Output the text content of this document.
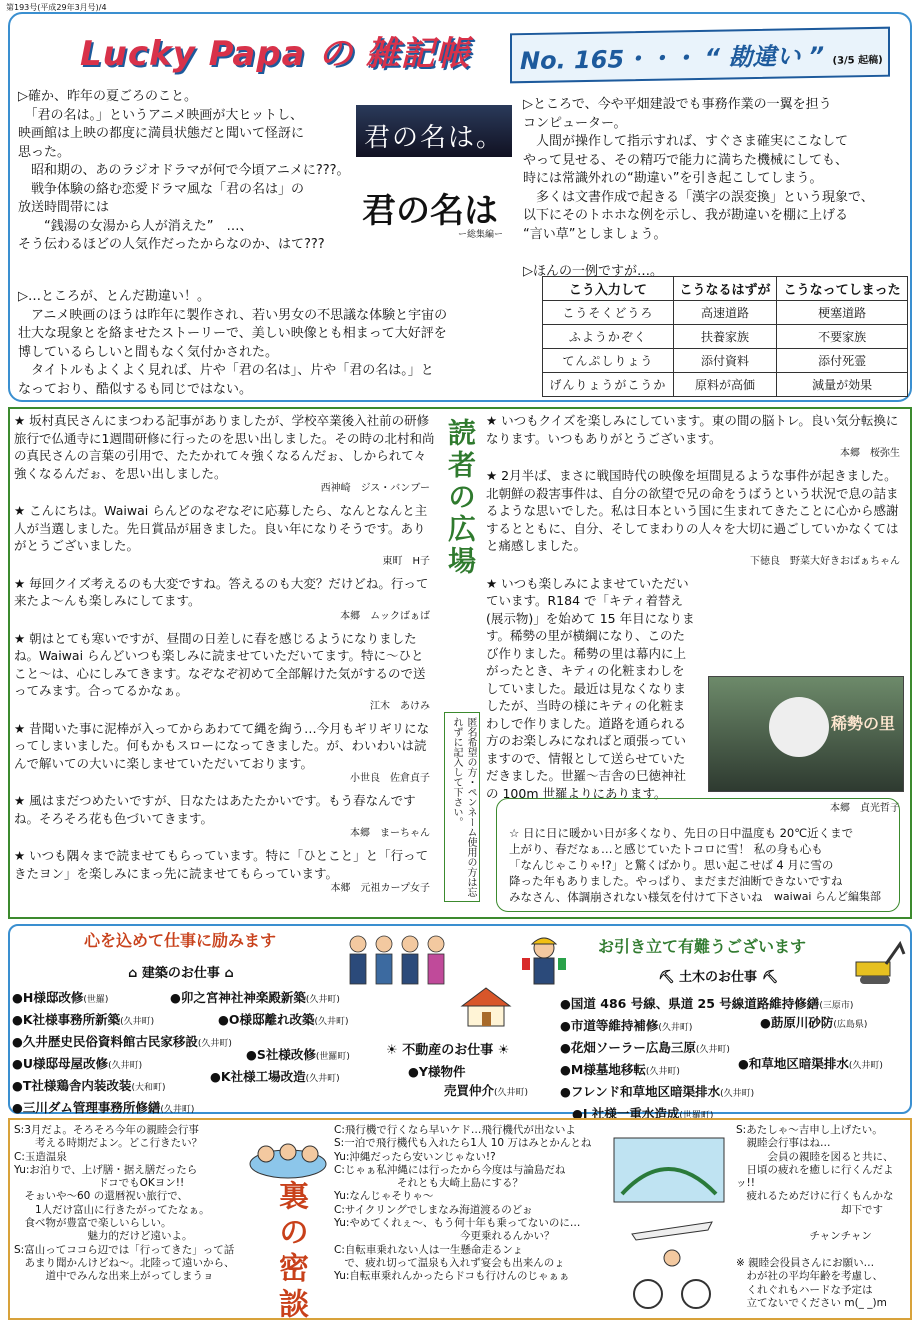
第193号(平成29年3月号)/4
Lucky Papa の 雑記帳 No. 165・・・ “ 勘違い ” (3/5 起稿)
▷確か、昨年の夏ごろのこと。
　「君の名は。」というアニメ映画が大ヒットし、
映画館は上映の都度に満員状態だと聞いて怪訝に
思った。
　昭和期の、あのラジオドラマが何で今頃アニメに???。
　戦争体験の絡む恋愛ドラマ風な「君の名は」の
放送時間帯には
　　“銭湯の女湯から人が消えた”　…、
そう伝わるほどの人気作だったからなのか、はて???
君の名は。
君の名は
ー総集編ー
▷…ところが、とんだ勘違い！。
　アニメ映画のほうは昨年に製作され、若い男女の不思議な体験と宇宙の
壮大な現象とを絡ませたストーリーで、美しい映像とも相まって大好評を
博しているらしいと間もなく気付かされた。
　タイトルもよくよく見れば、片や「君の名は」、片や「君の名は。」と
なっており、酷似するも同じではない。
▷ところで、今や平畑建設でも事務作業の一翼を担う
コンピューター。
　人間が操作して指示すれば、すぐさま確実にこなして
やって見せる、その精巧で能力に満ちた機械にしても、
時には常識外れの“勘違い”を引き起こしてしまう。
　多くは文書作成で起きる「漢字の誤変換」という現象で、
以下にそのトホホな例を示し、我が勘違いを棚に上げる
“言い草”としましょう。

▷ほんの一例ですが…。
こう入力して	こうなるはずが	こうなってしまった
こうそくどうろ	高速道路	梗塞道路
ふようかぞく	扶養家族	不要家族
てんぷしりょう	添付資料	添付死霊
げんりょうがこうか	原料が高価	減量が効果
★ 坂村真民さんにまつわる記事がありましたが、学校卒業後入社前の研修旅行で仏通寺に1週間研修に行ったのを思い出しました。その時の北村和尚の真民さんの言葉の引用で、たたかれて々強くなるんだぉ、しかられて々強くなるんだぉ、を思い出しました。
西神崎　ジス・バンブー
★ こんにちは。Waiwai らんどのなぞなぞに応募したら、なんとなんと主人が当選しました。先日賞品が届きました。良い年になりそうです。ありがとうございました。
東町　H子
★ 毎回クイズ考えるのも大変ですね。答えるのも大変？だけどね。行って来たよ～んも楽しみにしてます。
本郷　ムックばぁば
★ 朝はとても寒いですが、昼間の日差しに春を感じるようになりましたね。Waiwai らんどいつも楽しみに読ませていただいてます。特に～ひとこと～は、心にしみてきます。なぞなぞ初めて全部解けた気がするので送ってみます。合ってるかなぁ。
江木　あけみ
★ 昔聞いた事に泥棒が入ってからあわてて縄を綯う…今月もギリギリになってしまいました。何もかもスローになってきました。が、わいわいは読んで解いての大いに楽しませていただいております。
小世良　佐倉貞子
★ 風はまだつめたいですが、日なたはあたたかいです。もう春なんですね。そろそろ花も色づいてきます。
本郷　まーちゃん
★ いつも隅々まで読ませてもらっています。特に「ひとこと」と「行ってきたヨン」を楽しみにまっ先に読ませてもらっています。
本郷　元祖カープ女子
読者の広場
匿名希望の方・ペンネーム使用の方は忘れずに記入して下さい。
★ いつもクイズを楽しみにしています。東の間の脳トレ。良い気分転換になります。いつもありがとうございます。
本郷　桜弥生
★ 2月半ば、まさに戦国時代の映像を垣間見るような事件が起きました。北朝鮮の殺害事件は、自分の欲望で兄の命をうばうという状況で息の詰まるような思いでした。私は日本という国に生まれてきたことに心から感謝するとともに、自分、そしてまわりの人々を大切に過ごしていかなくてはと痛感しました。
下徳良　野菜大好きおばぁちゃん
★ いつも楽しみによませていただいています。R184 で「キティ着替え(展示物)」を始めて 15 年目になります。稀勢の里が横綱になり、このたび作りました。稀勢の里は幕内に上がったとき、キティの化粧まわしをしていました。最近は見なくなりましたが、当時の様にキティの化粧まわしで作りました。道路を通られる方のお楽しみになればと頑張っていますので、情報として送らせていただきました。世羅～吉舎の巳徳神社の 100m 世羅よりにあります。
本郷　貞光哲子
稀勢の里

☆ 日に日に暖かい日が多くなり、先日の日中温度も 20℃近くまで
上がり、春だなぁ…と感じていたトコロに雪！ 私の身も心も
「なんじゃこりゃ!?」と驚くばかり。思い起こせば 4 月に雪の
降った年もありました。やっぱり、まだまだ油断できないですね
みなさん、体調崩されない様気を付けて下さいね waiwai らんど編集部

心を込めて仕事に励みます	お引き立て有難うございます
⌂ 建築のお仕事 ⌂
●H様邸改修(世羅)
●K社様事務所新築(久井町)
●久井歴史民俗資料館古民家移設(久井町)
●U様邸母屋改修(久井町)
●T社様鶏舎内装改装(大和町)
●三川ダム管理事務所修繕(久井町)
●卯之宮神社神楽殿新築(久井町)
●O様邸離れ改築(久井町)
●S社様改修(世羅町)
●K社様工場改造(久井町)
☀ 不動産のお仕事 ☀
●Y様物件
売買仲介(久井町)
⛏ 土木のお仕事 ⛏
●国道 486 号線、県道 25 号線道路維持修繕(三原市)
●市道等維持補修(久井町)
●花畑ソーラー広島三原(久井町)
●M様墓地移転(久井町)
●フレンド和草地区暗渠排水(久井町)
●I 社様一重水造成(世羅町)
●莇原川砂防(広島県)
●和草地区暗渠排水(久井町)
S:3月だよ。そろそろ今年の親睦会行事
　　考える時期だよン。どこ行きたい？
C:玉造温泉
Yu:お泊りで、上げ膳・据え膳だったら
　　　　　　　　ドコでもOKヨン!!
　そぉいや～60 の還暦祝い旅行で、
　　1人だけ富山に行きたがってたなぁ。
　食べ物が豊富で楽しいらしい。
　　　　　　　魅力的だけど遠いよ。
S:富山ってココら辺では「行ってきた」って話
　あまり聞かんけどね～。北陸って遠いから、
　　　道中でみんな出来上がってしまうョ	裏の密談
C:飛行機で行くなら早いケド…飛行機代が出ないよ
S:一泊で飛行機代も入れたら1人 10 万はみとかんとね
Yu:沖縄だったら安いンじゃない!?
C:じゃぁ私沖縄には行ったから今度は与論島だね
　　　　　　それとも大崎上島にする？
Yu:なんじゃそりゃ～
C:サイクリングでしまなみ海道渡るのどぉ
Yu:やめてくれぇ～、もう何十年も乗ってないのに…
　　　　　　　　　　　　今更乗れるんかい？
C:自転車乗れない人は一生懸命走るンょ
　で、疲れ切って温泉も入れず宴会も出来んのょ
Yu:自転車乗れんかったらドコも行けんのじゃぁぁ
S:あたしゃ～吉申し上げたい。
　親睦会行事はね…
　　　会員の親睦を図ると共に、
　日頃の疲れを癒しに行くんだよッ!!
　疲れるためだけに行くもんかな
　　　　　　　　　　却下です

　　　　　　　チャンチャン

※ 親睦会役員さんにお願い…
　わが社の平均年齢を考慮し、
　くれぐれもハードな予定は
　立てないでください m(_ _)m
